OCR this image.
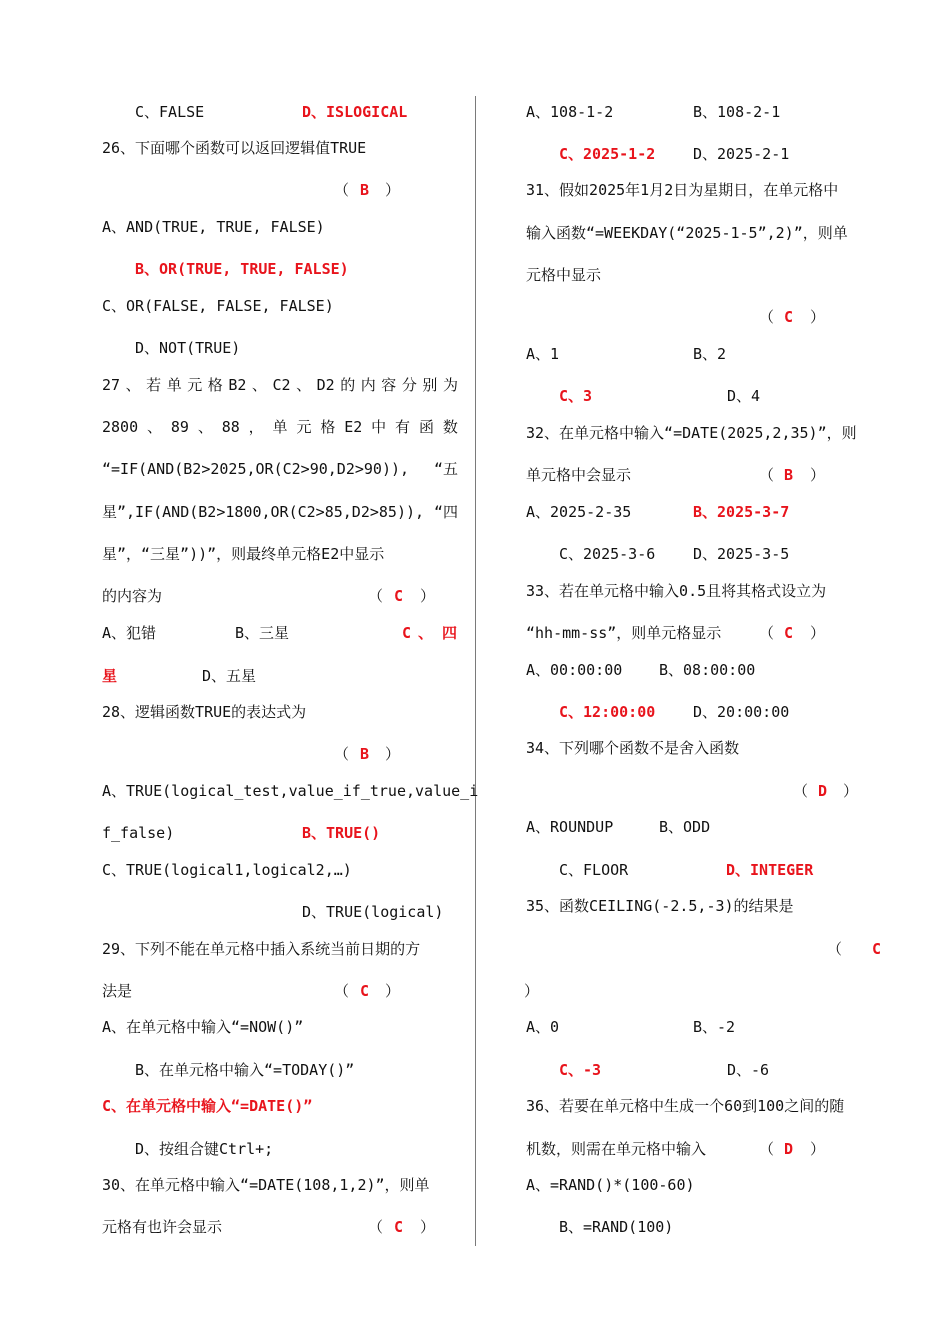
C、FALSE	D、ISLOGICAL
26、下面哪个函数可以返回逻辑值TRUE
（ B ）
A、AND(TRUE, TRUE, FALSE)
B、OR(TRUE, TRUE, FALSE)
C、OR(FALSE, FALSE, FALSE)
D、NOT(TRUE)
27 、 若 单 元 格 B2 、 C2 、 D2 的 内 容 分 别 为
2800 、 89 、 88 ， 单 元 格 E2 中 有 函 数
“=IF(AND(B2>2025,OR(C2>90,D2>90)), “五
星”,IF(AND(B2>1800,OR(C2>85,D2>85)), “四
星”，“三星”))”，则最终单元格E2中显示
的内容为	（ C ）
A、犯错	B、三星	C 、 四
星	D、五星
28、逻辑函数TRUE的表达式为
（ B ）
A、TRUE(logical_test,value_if_true,value_i
f_false)	B、TRUE()
C、TRUE(logical1,logical2,…)
D、TRUE(logical)
29、下列不能在单元格中插入系统当前日期的方
法是	（ C ）
A、在单元格中输入“=NOW()”
B、在单元格中输入“=TODAY()”
C、在单元格中输入“=DATE()”
D、按组合键Ctrl+;
30、在单元格中输入“=DATE(108,1,2)”，则单
元格有也许会显示	（ C ）
A、108-1-2	B、108-2-1
C、2025-1-2	D、2025-2-1
31、假如2025年1月2日为星期日，在单元格中
输入函数“=WEEKDAY(“2025-1-5”,2)”，则单
元格中显示
（ C ）
A、1	B、2
C、3	D、4
32、在单元格中输入“=DATE(2025,2,35)”，则
单元格中会显示	（ B ）
A、2025-2-35	B、2025-3-7
C、2025-3-6	D、2025-3-5
33、若在单元格中输入0.5且将其格式设立为
“hh-mm-ss”，则单元格显示	（ C ）
A、00:00:00 B、08:00:00
C、12:00:00	D、20:00:00
34、下列哪个函数不是舍入函数
（ D ）
A、ROUNDUP	B、ODD
C、FLOOR	D、INTEGER
35、函数CEILING(-2.5,-3)的结果是
（ C
）
A、0	B、-2
C、-3	D、-6
36、若要在单元格中生成一个60到100之间的随
机数，则需在单元格中输入	（ D ）
A、=RAND()*(100-60)
B、=RAND(100)
